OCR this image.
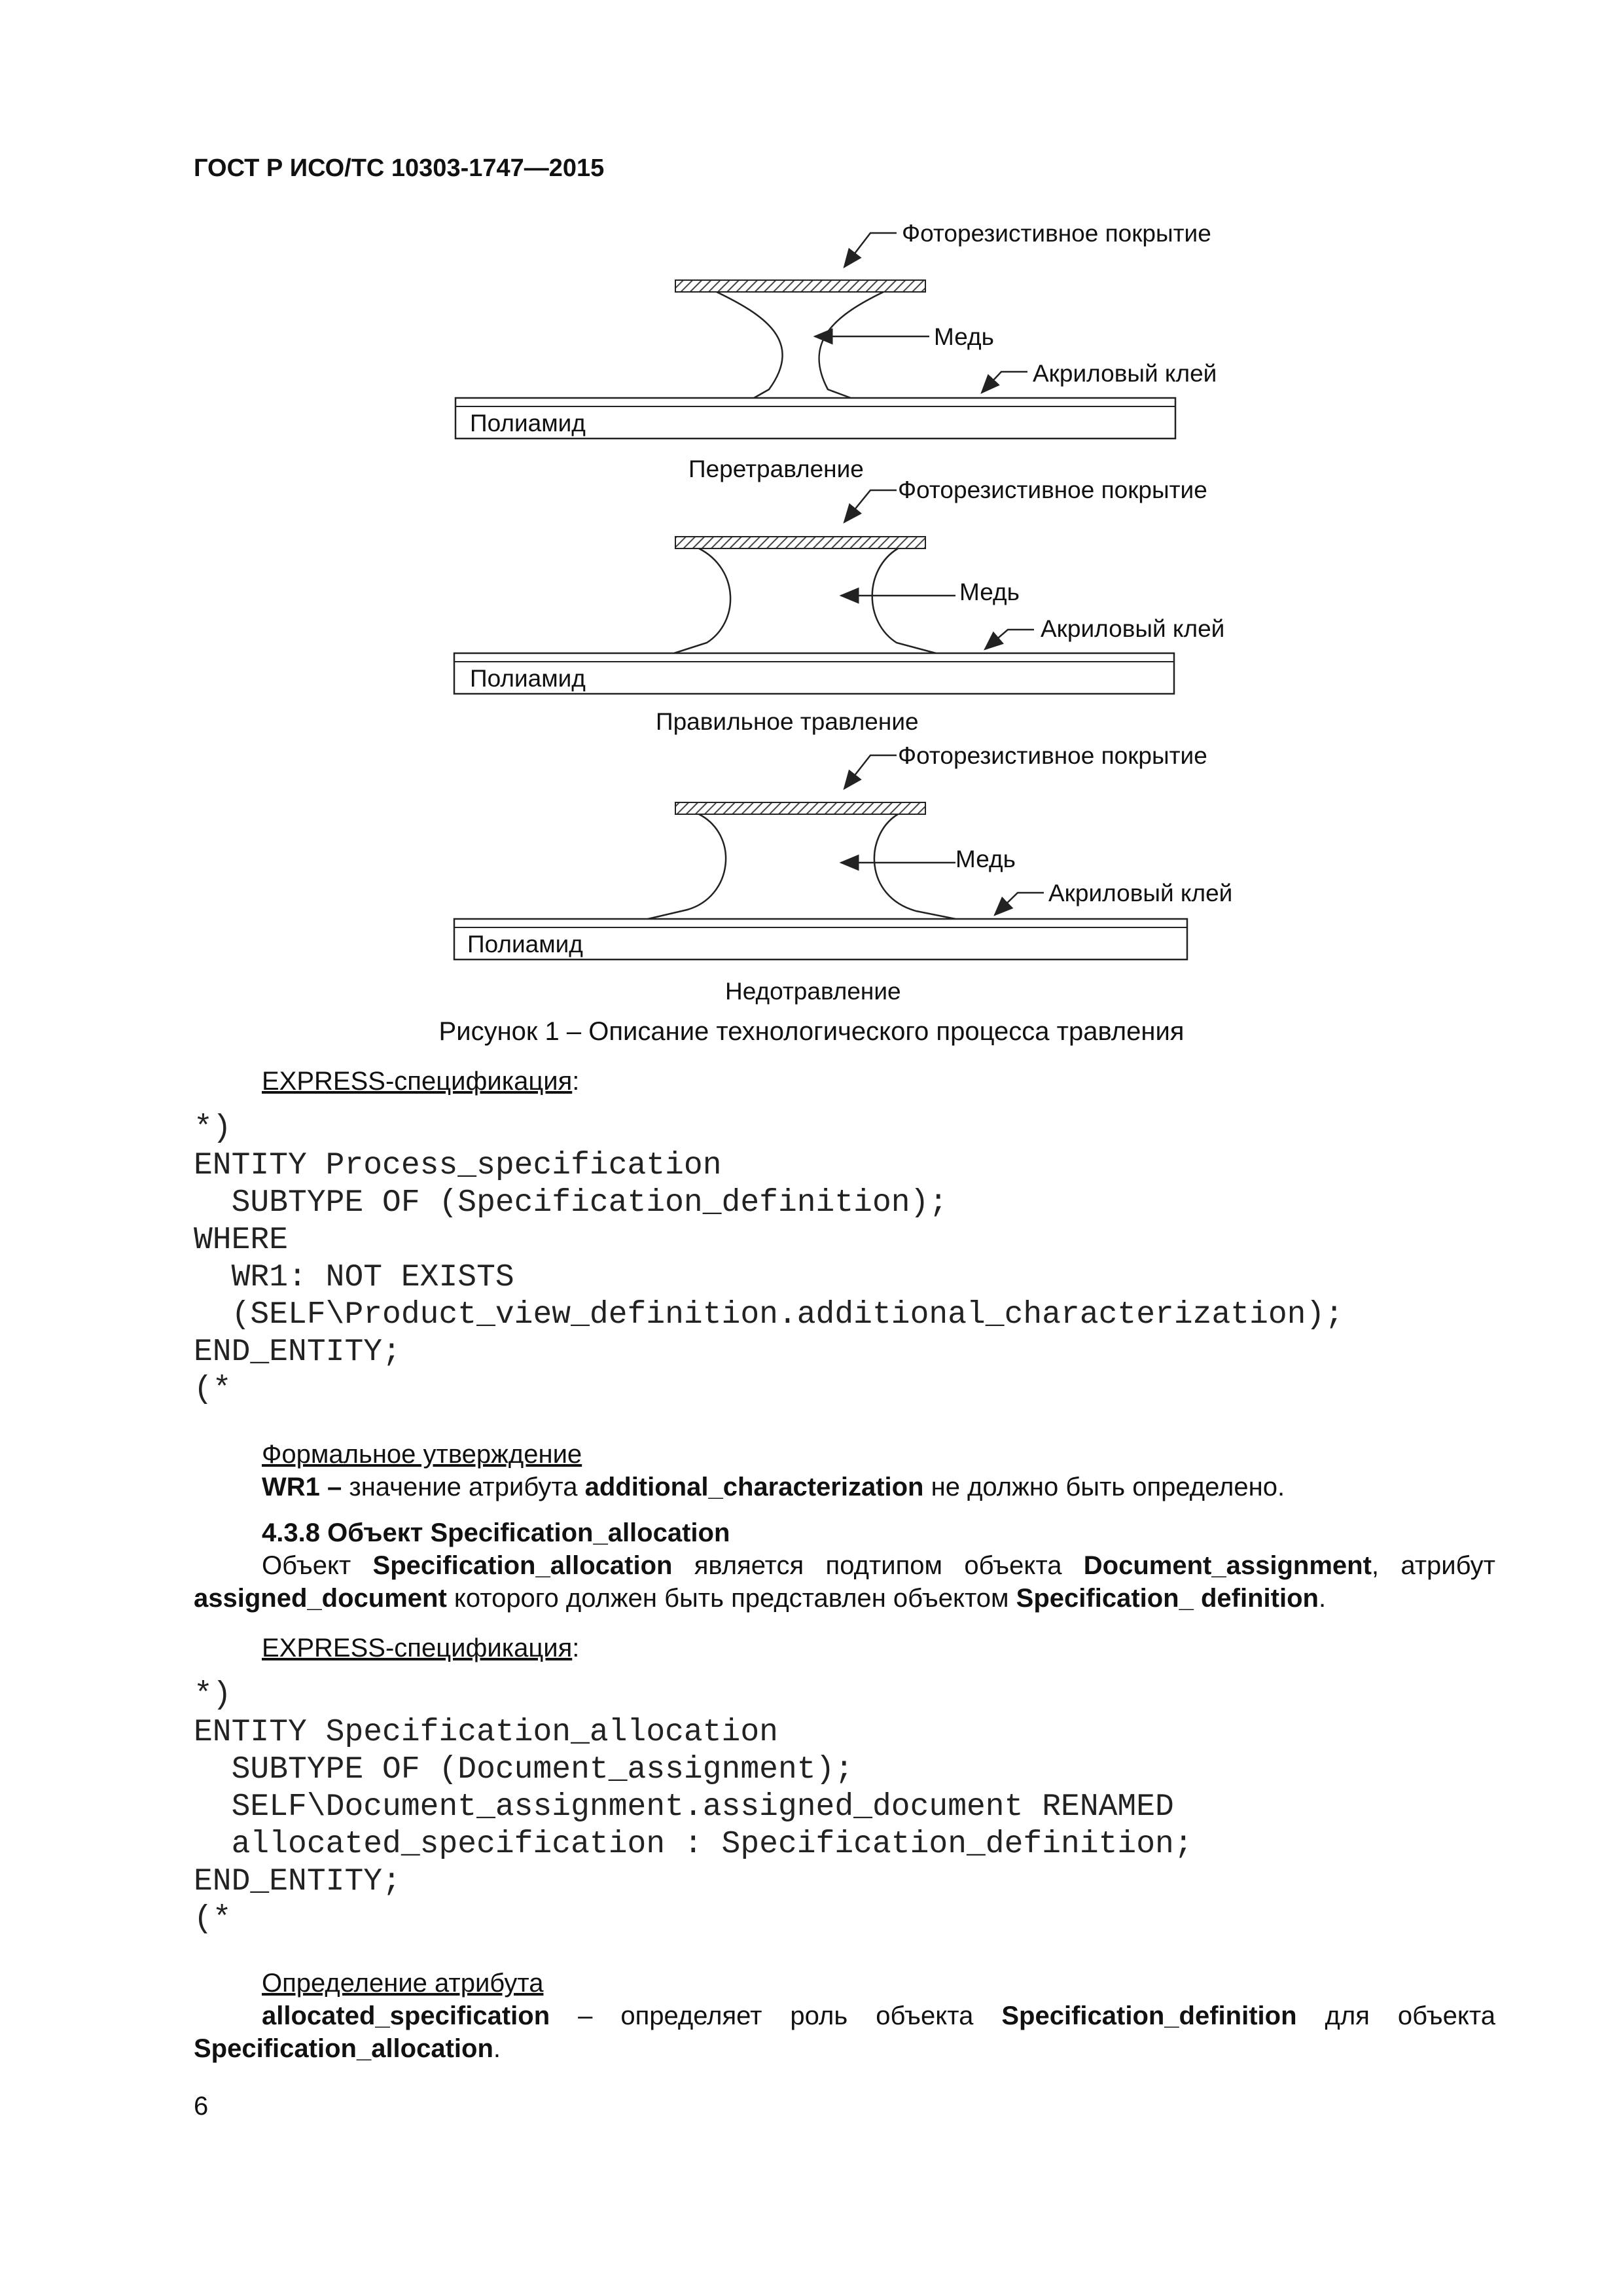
ГОСТ Р ИСО/ТС 10303-1747—2015
Фоторезистивное покрытие
Медь
Акриловый клей
Полиамид
Перетравление
Фоторезистивное покрытие
Медь
Акриловый клей
Полиамид
Правильное травление
Фоторезистивное покрытие
Медь
Акриловый клей
Полиамид
Недотравление
Рисунок 1 – Описание технологического процесса травления
EXPRESS-спецификация:
*)
ENTITY Process_specification
SUBTYPE OF (Specification_definition);
WHERE
WR1: NOT EXISTS
(SELF\Product_view_definition.additional_characterization);
END_ENTITY;
(*
Формальное утверждение
WR1 – значение атрибута additional_characterization не должно быть определено.
4.3.8 Объект Specification_allocation
Объект Specification_allocation является подтипом объекта Document_assignment, атрибут
assigned_document которого должен быть представлен объектом Specification_ definition.
EXPRESS-спецификация:
*)
ENTITY Specification_allocation
SUBTYPE OF (Document_assignment);
SELF\Document_assignment.assigned_document RENAMED
allocated_specification : Specification_definition;
END_ENTITY;
(*
Определение атрибута
allocated_specification – определяет роль объекта Specification_definition для объекта
Specification_allocation.
6
